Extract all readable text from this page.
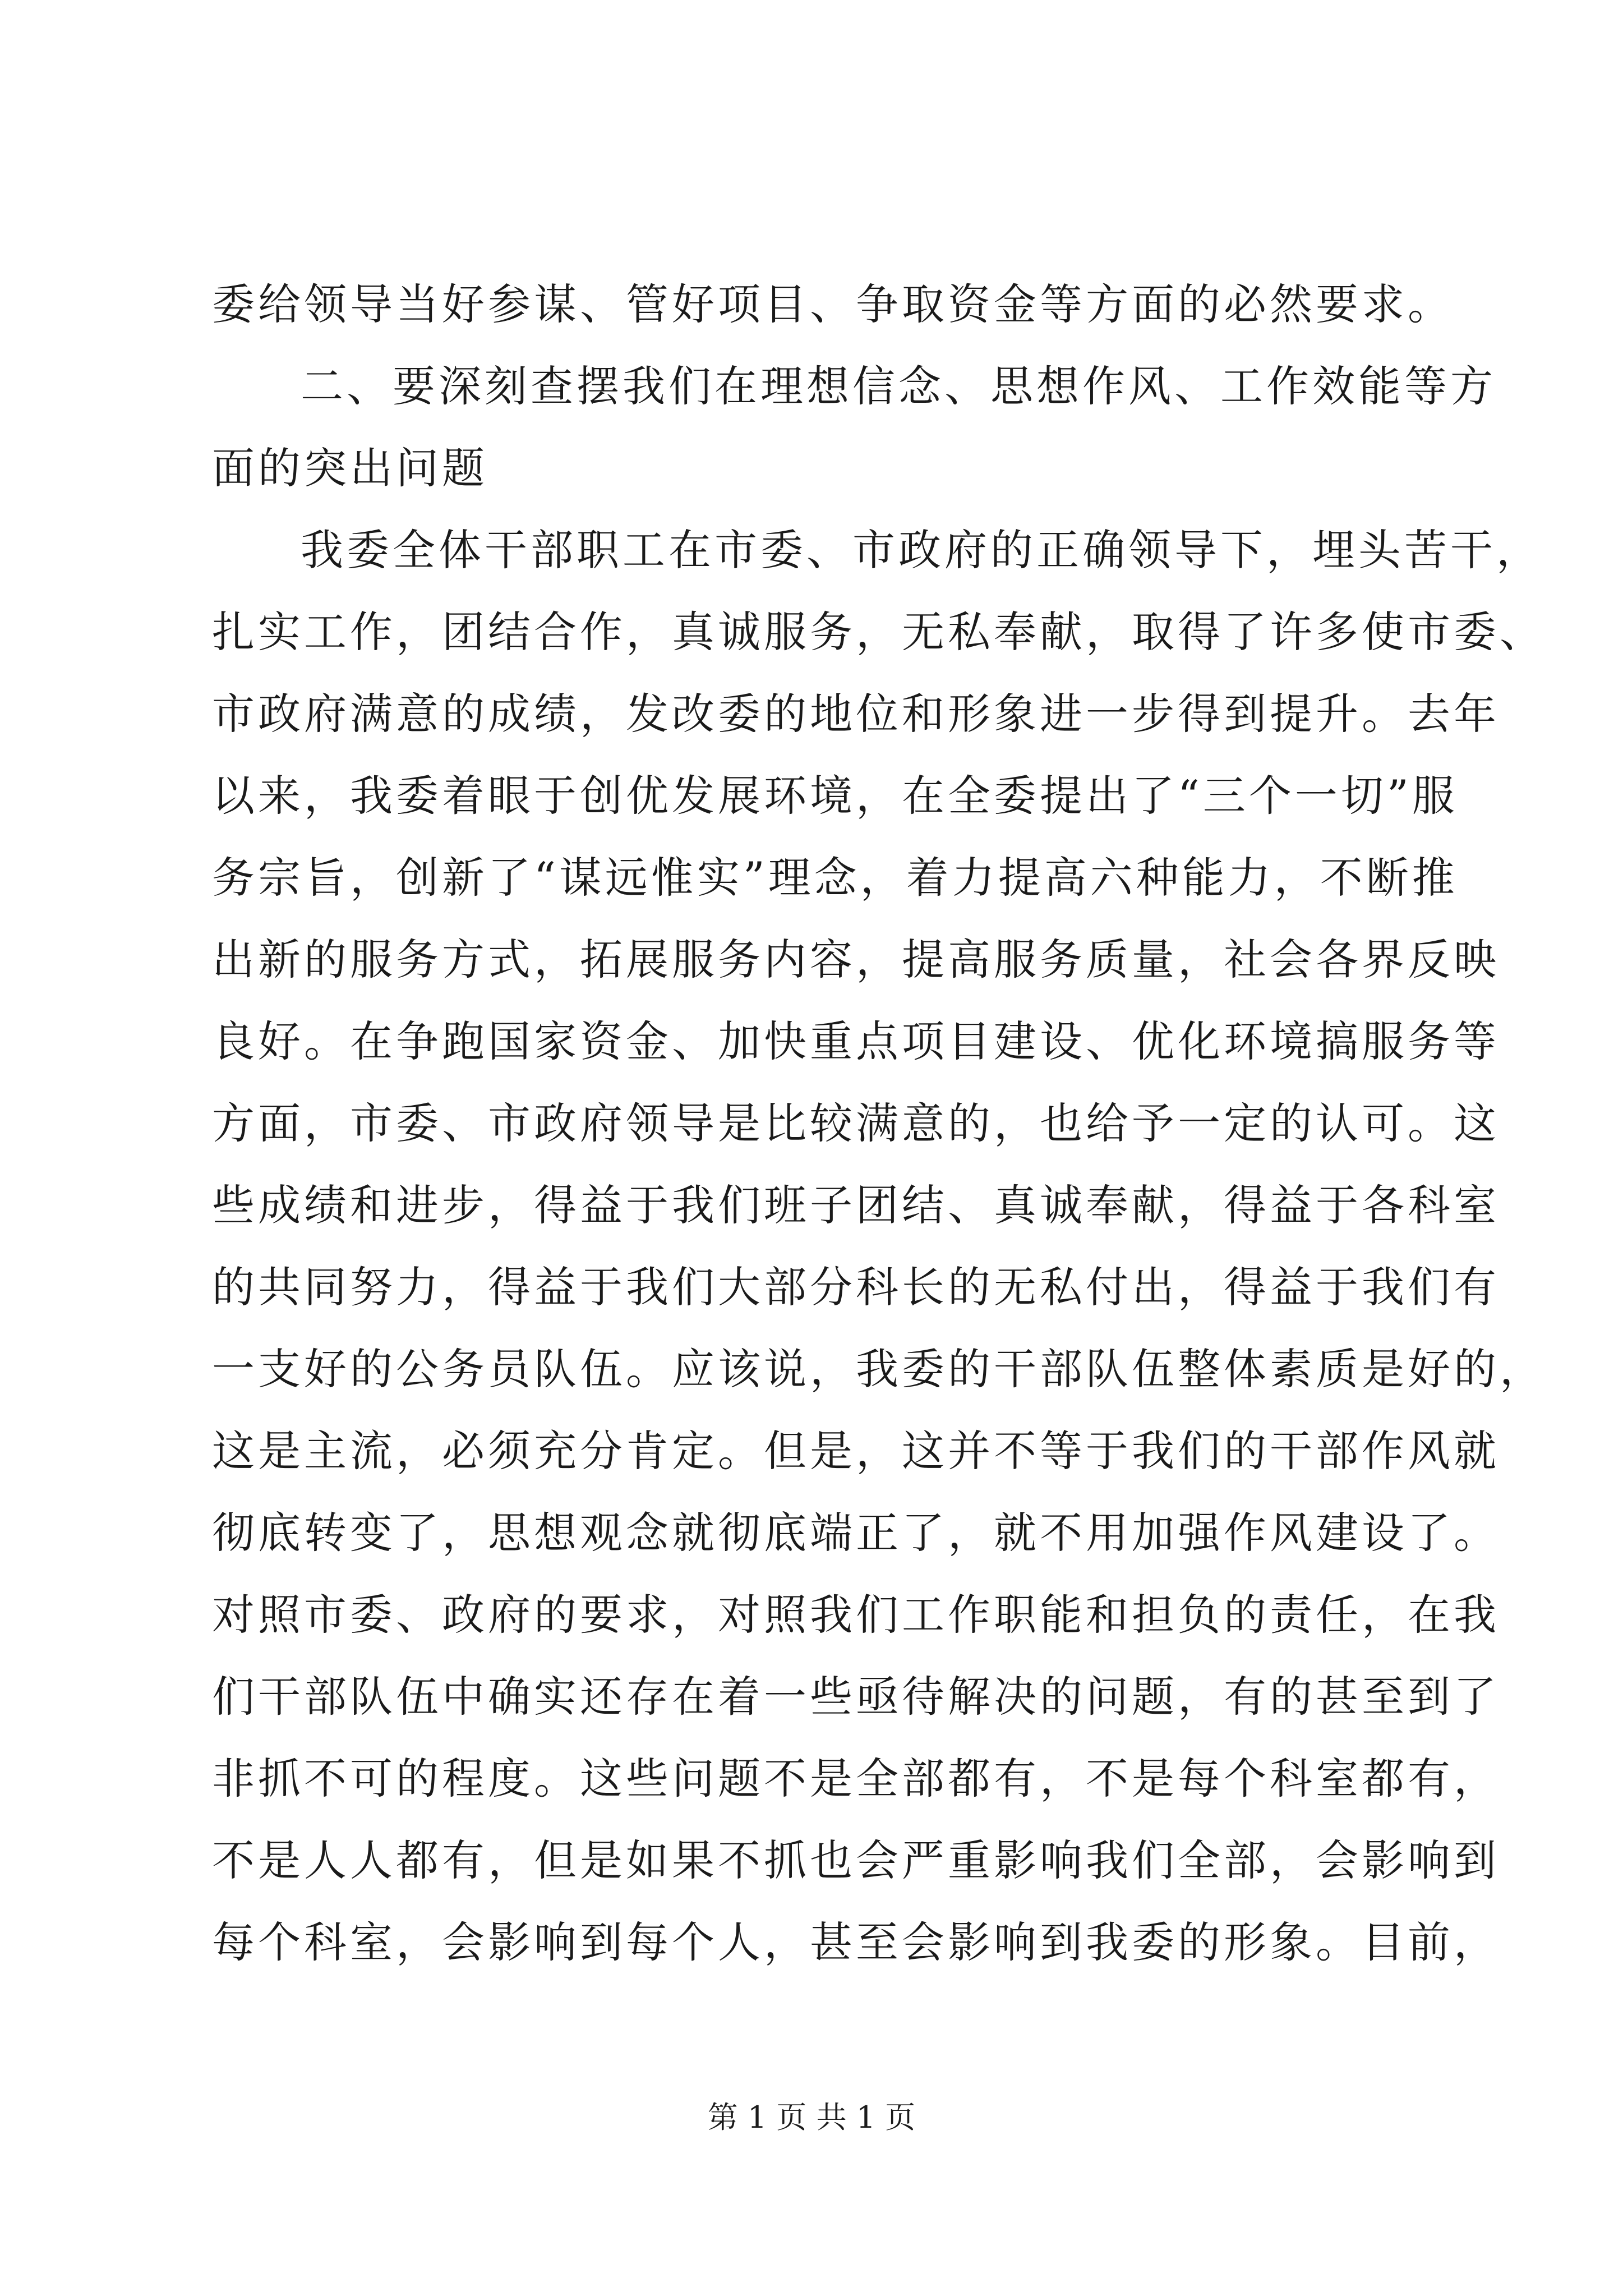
委给领导当好参谋、管好项目、争取资金等方面的必然要求。
二、要深刻查摆我们在理想信念、思想作风、工作效能等方
面的突出问题
我委全体干部职工在市委、市政府的正确领导下，埋头苦干，
扎实工作，团结合作，真诚服务，无私奉献，取得了许多使市委、
市政府满意的成绩，发改委的地位和形象进一步得到提升。去年
以来，我委着眼于创优发展环境，在全委提出了“三个一切”服
务宗旨，创新了“谋远惟实”理念，着力提高六种能力，不断推
出新的服务方式，拓展服务内容，提高服务质量，社会各界反映
良好。在争跑国家资金、加快重点项目建设、优化环境搞服务等
方面，市委、市政府领导是比较满意的，也给予一定的认可。这
些成绩和进步，得益于我们班子团结、真诚奉献，得益于各科室
的共同努力，得益于我们大部分科长的无私付出，得益于我们有
一支好的公务员队伍。应该说，我委的干部队伍整体素质是好的，
这是主流，必须充分肯定。但是，这并不等于我们的干部作风就
彻底转变了，思想观念就彻底端正了，就不用加强作风建设了。
对照市委、政府的要求，对照我们工作职能和担负的责任，在我
们干部队伍中确实还存在着一些亟待解决的问题，有的甚至到了
非抓不可的程度。这些问题不是全部都有，不是每个科室都有，
不是人人都有，但是如果不抓也会严重影响我们全部，会影响到
每个科室，会影响到每个人，甚至会影响到我委的形象。目前，
第 1 页 共 1 页
